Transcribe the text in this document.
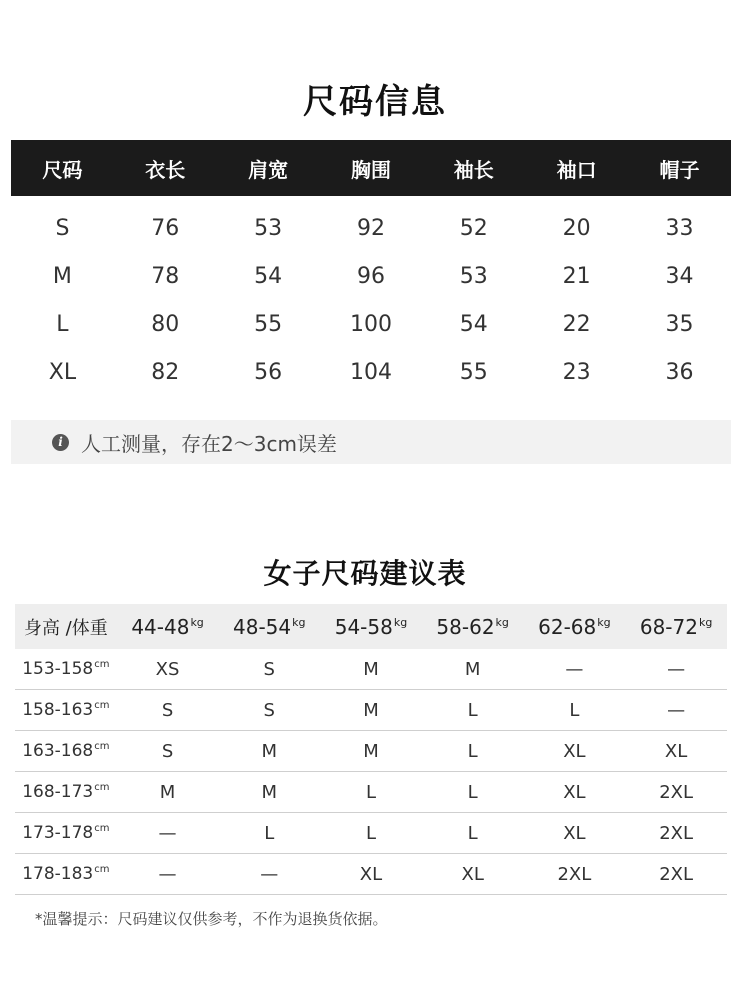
尺码信息
尺码	衣长	肩宽	胸围	袖长	袖口	帽子
S	76	53	92	52	20	33
M	78	54	96	53	21	34
L	80	55	100	54	22	35
XL	82	56	104	55	23	36
i 人工测量，存在2～3cm误差
女子尺码建议表
身高 /体重	$44-48^{kg}$	$48-54^{kg}$	$54-58^{kg}$	$58-62^{kg}$	$62-68^{kg}$	$68-72^{kg}$
$153-158^{cm}$	XS	S	M	M	—	—
$158-163^{cm}$	S	S	M	L	L	—
$163-168^{cm}$	S	M	M	L	XL	XL
$168-173^{cm}$	M	M	L	L	XL	2XL
$173-178^{cm}$	—	L	L	L	XL	2XL
$178-183^{cm}$	—	—	XL	XL	2XL	2XL
*温馨提示：尺码建议仅供参考，不作为退换货依据。
